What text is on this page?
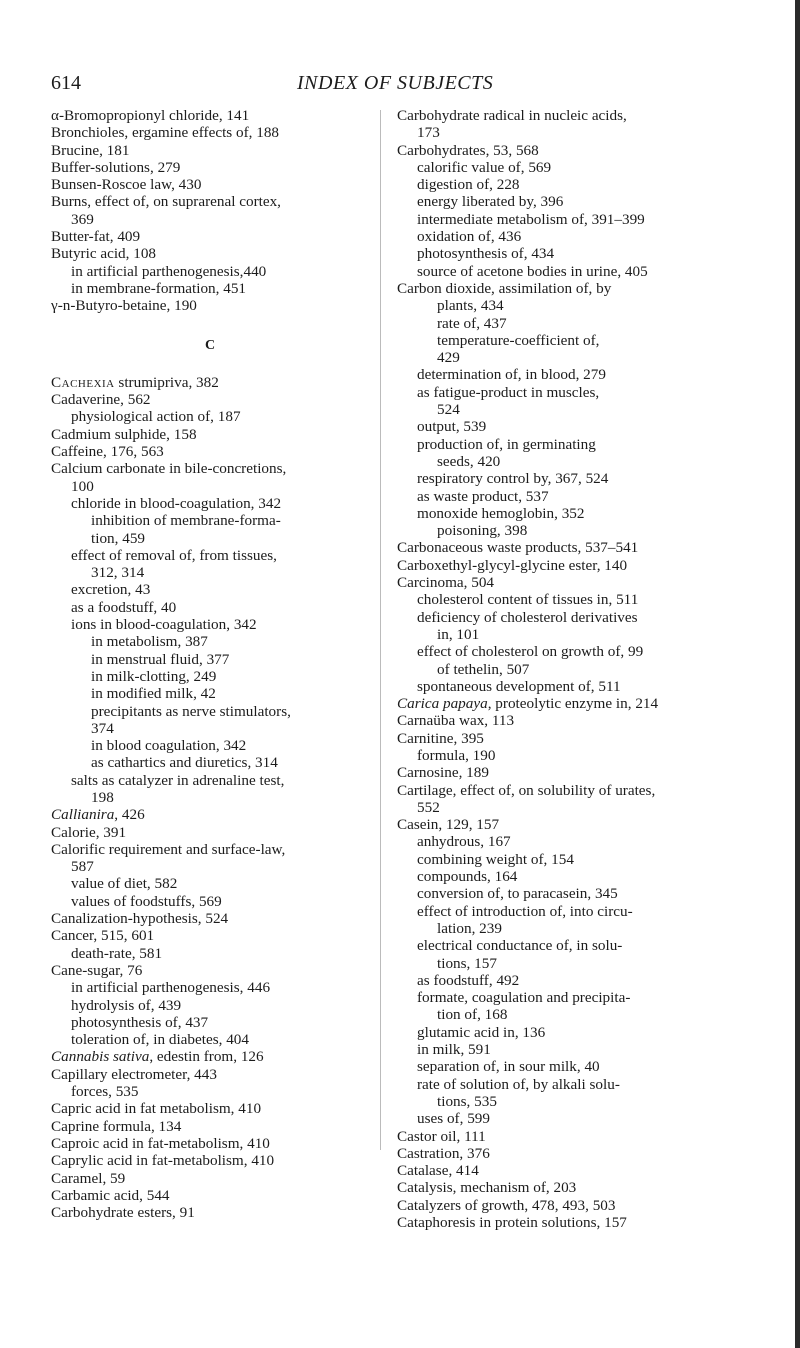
614	INDEX OF SUBJECTS
α-Bromopropionyl chloride, 141
Bronchioles, ergamine effects of, 188
Brucine, 181
Buffer-solutions, 279
Bunsen-Roscoe law, 430
Burns, effect of, on suprarenal cortex,
369
Butter-fat, 409
Butyric acid, 108
in artificial parthenogenesis,440
in membrane-formation, 451
γ-n-Butyro-betaine, 190
C
Cachexia strumipriva, 382
Cadaverine, 562
physiological action of, 187
Cadmium sulphide, 158
Caffeine, 176, 563
Calcium carbonate in bile-concretions,
100
chloride in blood-coagulation, 342
inhibition of membrane-forma-
tion, 459
effect of removal of, from tissues,
312, 314
excretion, 43
as a foodstuff, 40
ions in blood-coagulation, 342
in metabolism, 387
in menstrual fluid, 377
in milk-clotting, 249
in modified milk, 42
precipitants as nerve stimulators,
374
in blood coagulation, 342
as cathartics and diuretics, 314
salts as catalyzer in adrenaline test,
198
Callianira, 426
Calorie, 391
Calorific requirement and surface-law,
587
value of diet, 582
values of foodstuffs, 569
Canalization-hypothesis, 524
Cancer, 515, 601
death-rate, 581
Cane-sugar, 76
in artificial parthenogenesis, 446
hydrolysis of, 439
photosynthesis of, 437
toleration of, in diabetes, 404
Cannabis sativa, edestin from, 126
Capillary electrometer, 443
forces, 535
Capric acid in fat metabolism, 410
Caprine formula, 134
Caproic acid in fat-metabolism, 410
Caprylic acid in fat-metabolism, 410
Caramel, 59
Carbamic acid, 544
Carbohydrate esters, 91
Carbohydrate radical in nucleic acids,
173
Carbohydrates, 53, 568
calorific value of, 569
digestion of, 228
energy liberated by, 396
intermediate metabolism of, 391–399
oxidation of, 436
photosynthesis of, 434
source of acetone bodies in urine, 405
Carbon dioxide, assimilation of, by
plants, 434
rate of, 437
temperature-coefficient of,
429
determination of, in blood, 279
as fatigue-product in muscles,
524
output, 539
production of, in germinating
seeds, 420
respiratory control by, 367, 524
as waste product, 537
monoxide hemoglobin, 352
poisoning, 398
Carbonaceous waste products, 537–541
Carboxethyl-glycyl-glycine ester, 140
Carcinoma, 504
cholesterol content of tissues in, 511
deficiency of cholesterol derivatives
in, 101
effect of cholesterol on growth of, 99
of tethelin, 507
spontaneous development of, 511
Carica papaya, proteolytic enzyme in, 214
Carnaüba wax, 113
Carnitine, 395
formula, 190
Carnosine, 189
Cartilage, effect of, on solubility of urates,
552
Casein, 129, 157
anhydrous, 167
combining weight of, 154
compounds, 164
conversion of, to paracasein, 345
effect of introduction of, into circu-
lation, 239
electrical conductance of, in solu-
tions, 157
as foodstuff, 492
formate, coagulation and precipita-
tion of, 168
glutamic acid in, 136
in milk, 591
separation of, in sour milk, 40
rate of solution of, by alkali solu-
tions, 535
uses of, 599
Castor oil, 111
Castration, 376
Catalase, 414
Catalysis, mechanism of, 203
Catalyzers of growth, 478, 493, 503
Cataphoresis in protein solutions, 157
